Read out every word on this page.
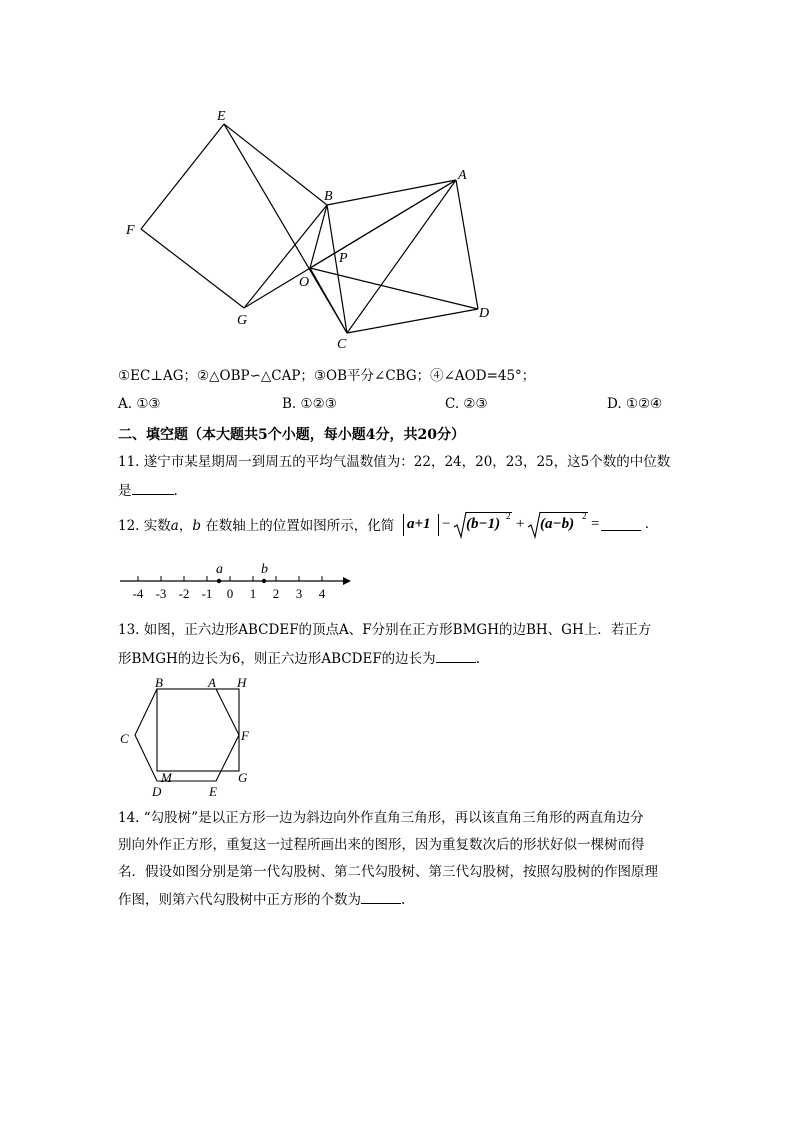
E
B
A
F
P
O
G	D
C
①EC⊥AG；②△OBP∽△CAP；③OB平分∠CBG；④∠AOD=45°；
A. ①③	B. ①②③	C. ②③	D. ①②④
二、填空题（本大题共5个小题，每小题4分，共20分）
11. 遂宁市某星期周一到周五的平均气温数值为：22，24，20，23，25，这5个数的中位数
是	.
12. 实数a，b 在数轴上的位置如图所示，化简 a+1 − (b−1) 2 + (a−b) 2 =	.
-4 -3 -2 -1 0 1 2 3 4
a	b
13. 如图，正六边形ABCDEF的顶点A、F分别在正方形BMGH的边BH、GH上．若正方
形BMGH的边长为6，则正六边形ABCDEF的边长为	.
B	A H
C	F
M	G
D	E
14. “勾股树”是以正方形一边为斜边向外作直角三角形，再以该直角三角形的两直角边分
别向外作正方形，重复这一过程所画出来的图形，因为重复数次后的形状好似一棵树而得
名．假设如图分别是第一代勾股树、第二代勾股树、第三代勾股树，按照勾股树的作图原理
作图，则第六代勾股树中正方形的个数为	.
